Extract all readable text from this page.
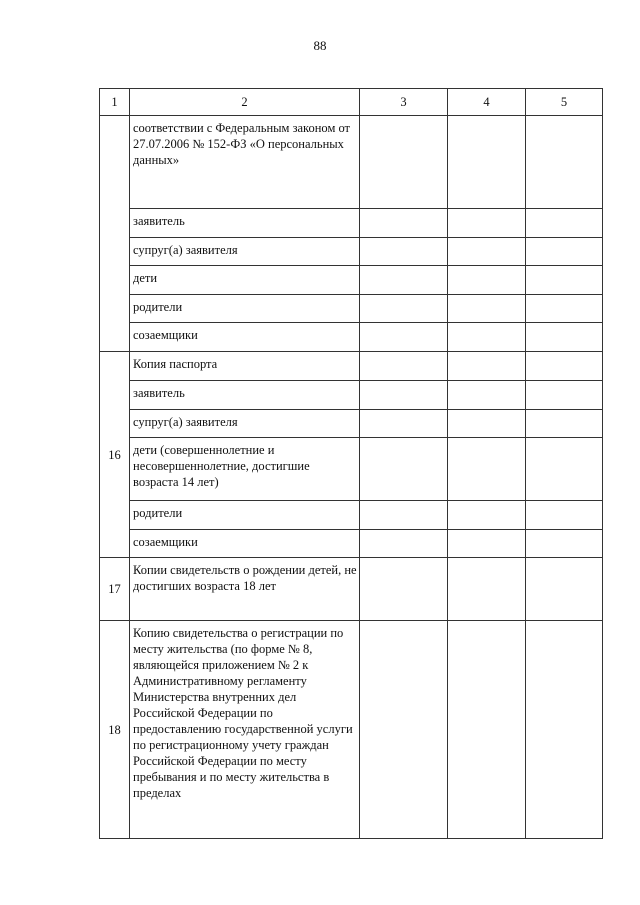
88
1	2	3	4	5
	соответствии с Федеральным законом от 27.07.2006 № 152-ФЗ «О персональных данных»			
	заявитель			
	супруг(а) заявителя			
	дети			
	родители			
	созаемщики			
16	Копия паспорта			
	заявитель			
	супруг(а) заявителя			
	дети (совершеннолетние и несовершеннолетние, достигшие возраста 14 лет)			
	родители			
	созаемщики			
17	Копии свидетельств о рождении детей, не достигших возраста 18 лет			
18	Копию свидетельства о регистрации по месту жительства (по форме № 8, являющейся приложением № 2 к Административному регламенту Министерства внутренних дел Российской Федерации по предоставлению государственной услуги по регистрационному учету граждан Российской Федерации по месту пребывания и по месту жительства в пределах			
